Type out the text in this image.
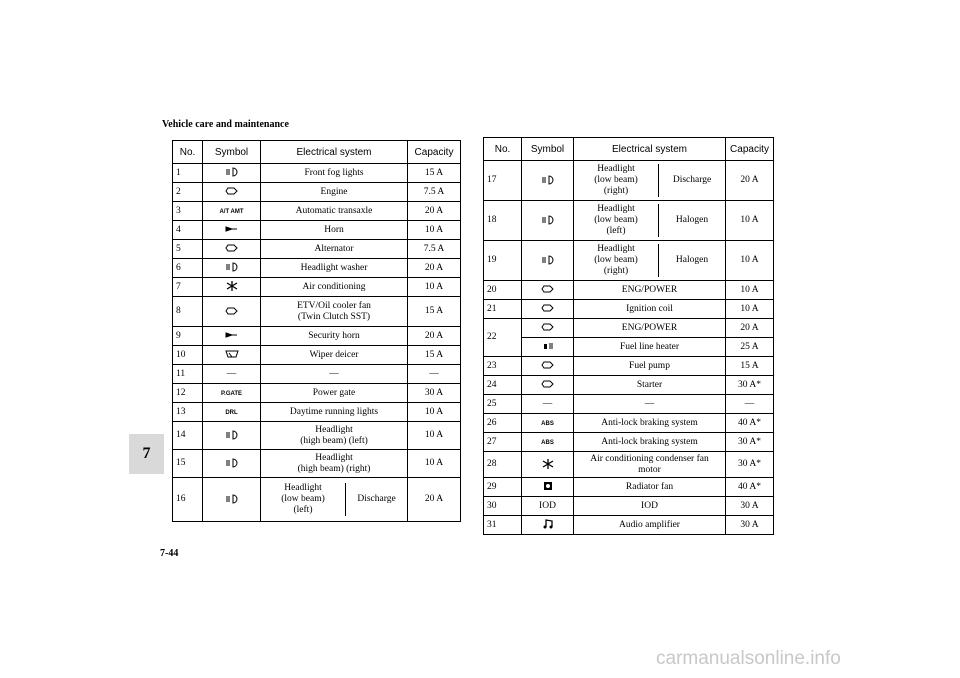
Vehicle care and maintenance
7
7-44
carmanualsonline.info
No.	Symbol	Electrical system	Capacity
1		Front fog lights	15 A
2		Engine	7.5 A
3	A/T AMT	Automatic transaxle	20 A
4		Horn	10 A
5		Alternator	7.5 A
6		Headlight washer	20 A
7		Air conditioning	10 A
8		ETV/Oil cooler fan
(Twin Clutch SST)	15 A
9		Security horn	20 A
10		Wiper deicer	15 A
11	—	—	—
12	P.GATE	Power gate	30 A
13	DRL	Daytime running lights	10 A
14		Headlight
(high beam) (left)	10 A
15		Headlight
(high beam) (right)	10 A
16		Headlight
(low beam)
(left)
Discharge	20 A
No.	Symbol	Electrical system	Capacity
17		Headlight
(low beam)
(right)
Discharge	20 A
18		Headlight
(low beam)
(left)
Halogen	10 A
19		Headlight
(low beam)
(right)
Halogen	10 A
20		ENG/POWER	10 A
21		Ignition coil	10 A
22		ENG/POWER	20 A
	Fuel line heater	25 A
23		Fuel pump	15 A
24		Starter	30 A*
25	—	—	—
26	ABS	Anti-lock braking system	40 A*
27	ABS	Anti-lock braking system	30 A*
28		Air conditioning condenser fan
motor	30 A*
29		Radiator fan	40 A*
30	IOD	IOD	30 A
31		Audio amplifier	30 A
